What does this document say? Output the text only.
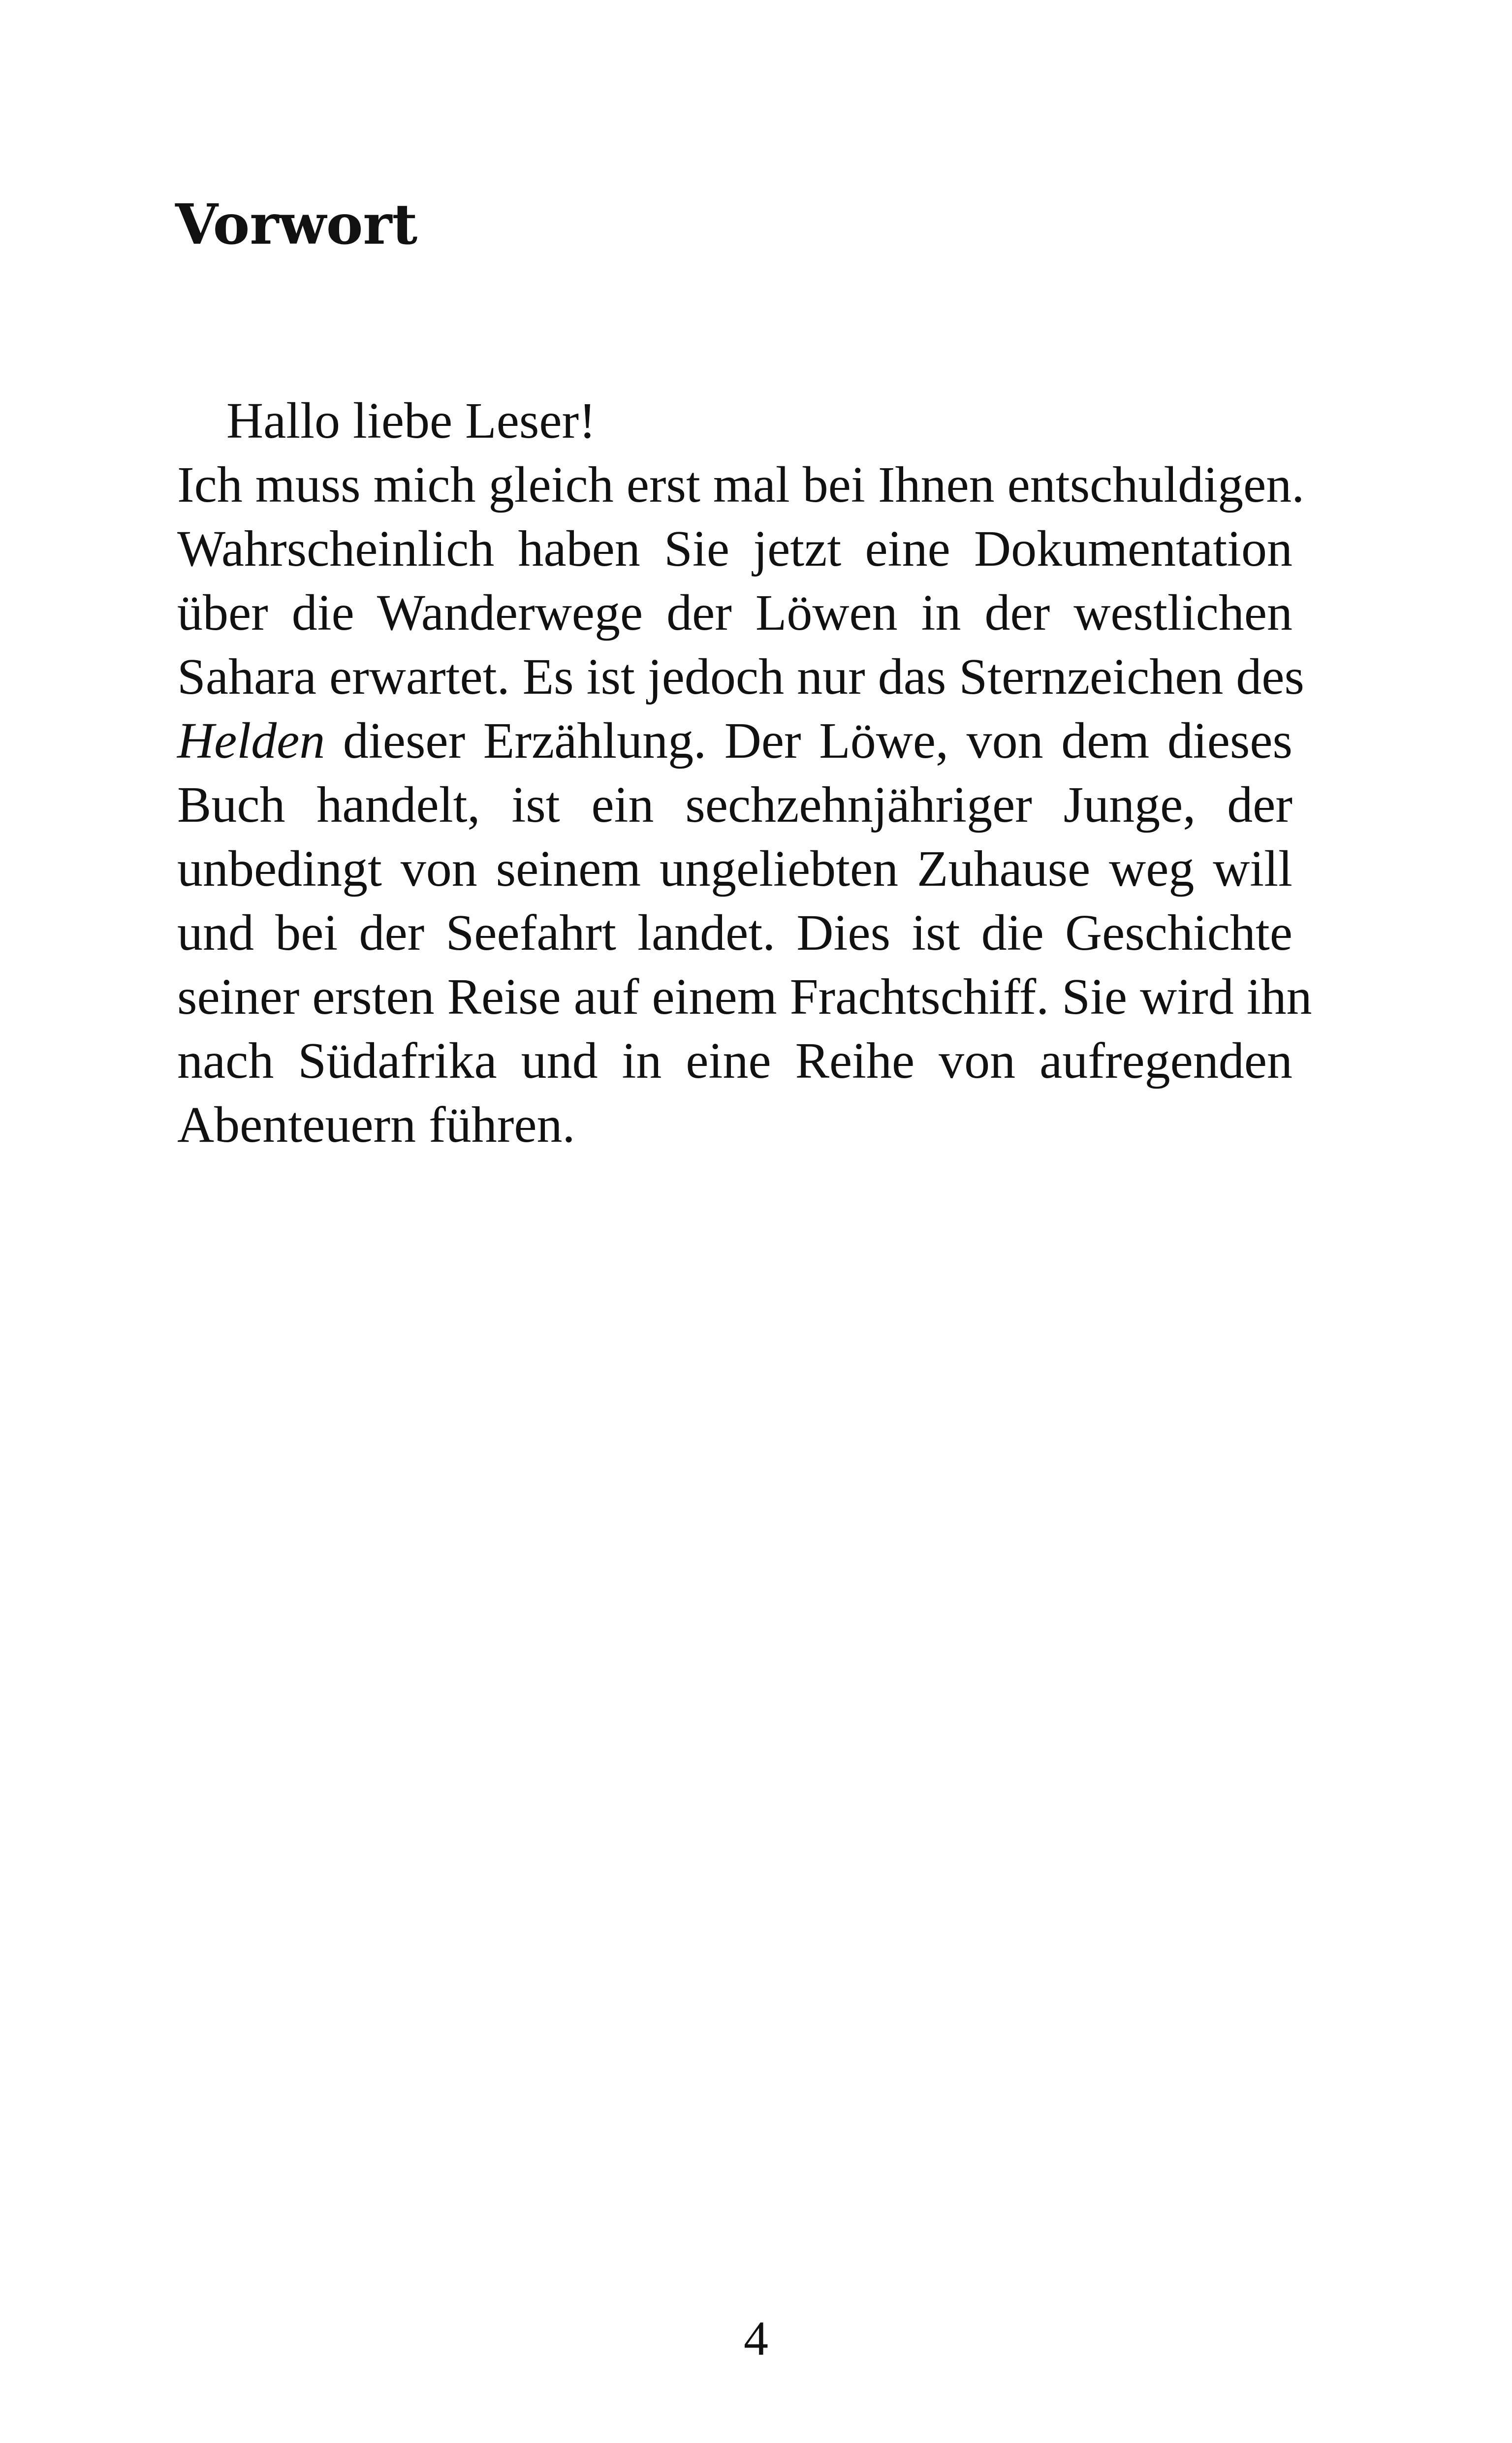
Vorwort
Hallo liebe Leser!
Ich muss mich gleich erst mal bei Ihnen entschuldigen.
Wahrscheinlich haben Sie jetzt eine Dokumentation
über die Wanderwege der Löwen in der westlichen
Sahara erwartet. Es ist jedoch nur das Sternzeichen des
Helden dieser Erzählung. Der Löwe, von dem dieses
Buch handelt, ist ein sechzehnjähriger Junge, der
unbedingt von seinem ungeliebten Zuhause weg will
und bei der Seefahrt landet. Dies ist die Geschichte
seiner ersten Reise auf einem Frachtschiff. Sie wird ihn
nach Südafrika und in eine Reihe von aufregenden
Abenteuern führen.
4
